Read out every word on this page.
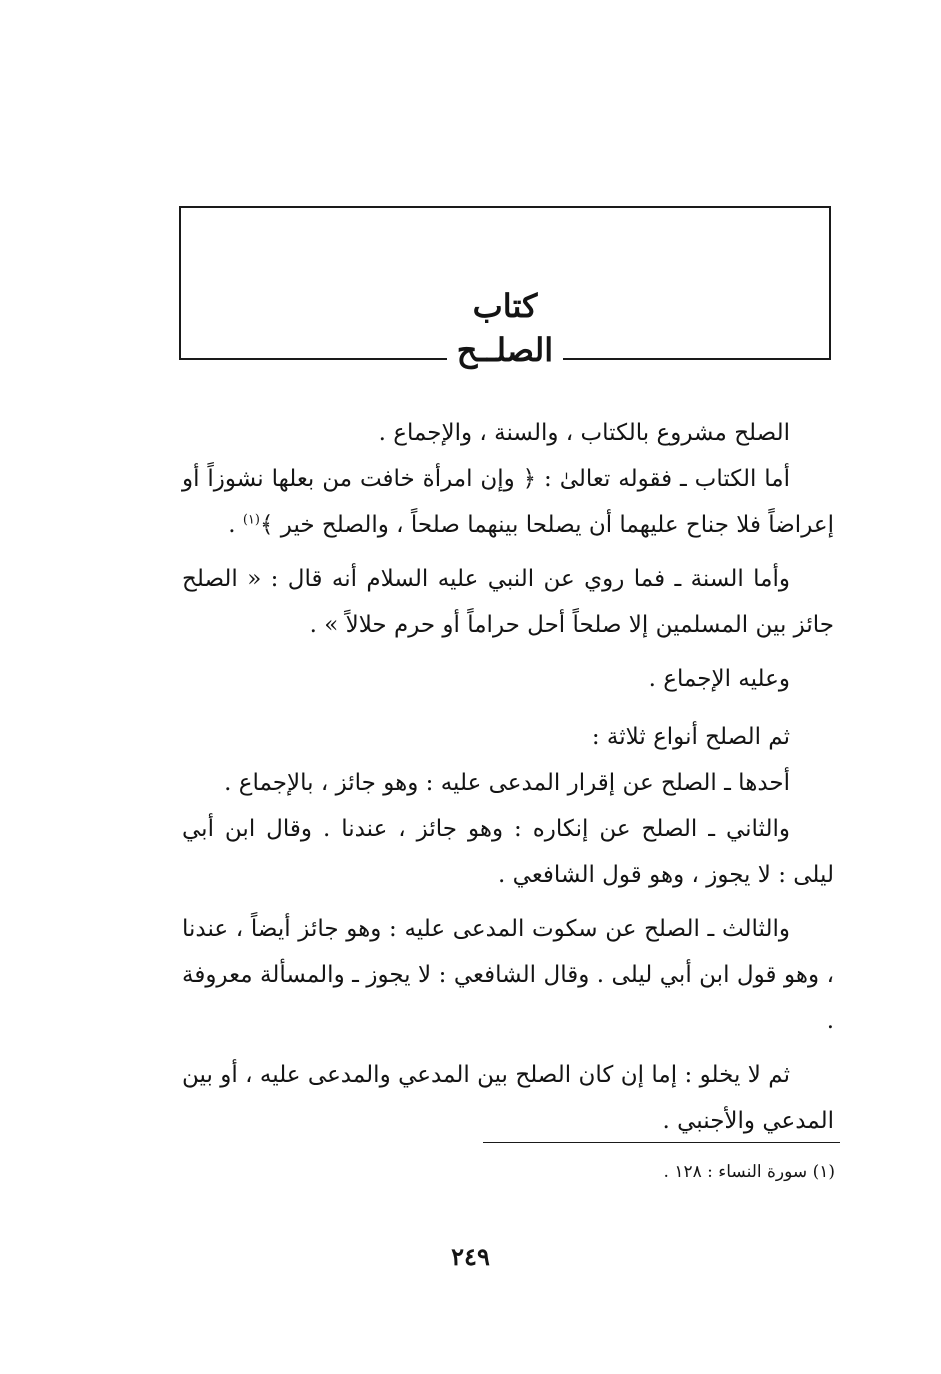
كتاب
الصلــح

الصلح مشروع بالكتاب ، والسنة ، والإجماع .

أما الكتاب ـ فقوله تعالىٰ : ﴿ وإن امرأة خافت من بعلها نشوزاً أو إعراضاً فلا جناح عليهما أن يصلحا بينهما صلحاً ، والصلح خير ﴾$^{(١)}$ .

وأما السنة ـ فما روي عن النبي عليه السلام أنه قال : « الصلح جائز بين المسلمين إلا صلحاً أحل حراماً أو حرم حلالاً » .

وعليه الإجماع .

ثم الصلح أنواع ثلاثة :

أحدها ـ الصلح عن إقرار المدعى عليه : وهو جائز ، بالإجماع .

والثاني ـ الصلح عن إنكاره : وهو جائز ، عندنا . وقال ابن أبي ليلى : لا يجوز ، وهو قول الشافعي .

والثالث ـ الصلح عن سكوت المدعى عليه : وهو جائز أيضاً ، عندنا ، وهو قول ابن أبي ليلى . وقال الشافعي : لا يجوز ـ والمسألة معروفة .

ثم لا يخلو : إما إن كان الصلح بين المدعي والمدعى عليه ، أو بين المدعي والأجنبي .

(١) سورة النساء : ١٢٨ .
٢٤٩
